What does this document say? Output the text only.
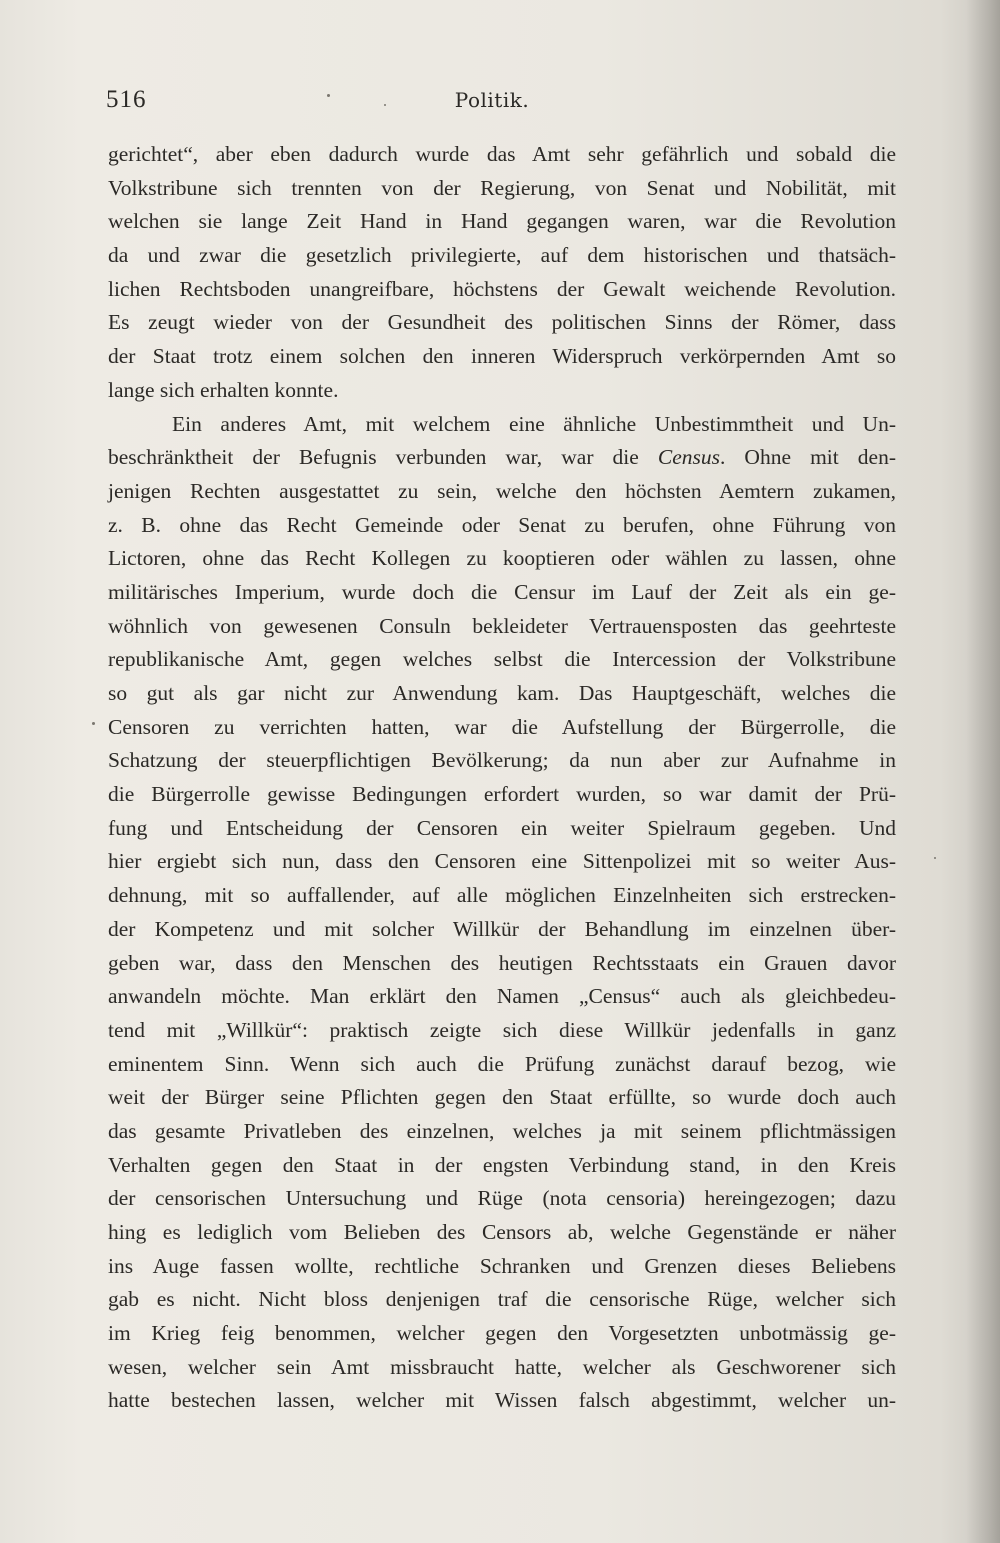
516	Politik.
gerichtet“, aber eben dadurch wurde das Amt sehr gefährlich und sobald die
Volkstribune sich trennten von der Regierung, von Senat und Nobilität, mit
welchen sie lange Zeit Hand in Hand gegangen waren, war die Revolution
da und zwar die gesetzlich privilegierte, auf dem historischen und thatsäch-
lichen Rechtsboden unangreifbare, höchstens der Gewalt weichende Revolution.
Es zeugt wieder von der Gesundheit des politischen Sinns der Römer, dass
der Staat trotz einem solchen den inneren Widerspruch verkörpernden Amt so
lange sich erhalten konnte.
Ein anderes Amt, mit welchem eine ähnliche Unbestimmtheit und Un-
beschränktheit der Befugnis verbunden war, war die Census. Ohne mit den-
jenigen Rechten ausgestattet zu sein, welche den höchsten Aemtern zukamen,
z. B. ohne das Recht Gemeinde oder Senat zu berufen, ohne Führung von
Lictoren, ohne das Recht Kollegen zu kooptieren oder wählen zu lassen, ohne
militärisches Imperium, wurde doch die Censur im Lauf der Zeit als ein ge-
wöhnlich von gewesenen Consuln bekleideter Vertrauensposten das geehrteste
republikanische Amt, gegen welches selbst die Intercession der Volkstribune
so gut als gar nicht zur Anwendung kam. Das Hauptgeschäft, welches die
Censoren zu verrichten hatten, war die Aufstellung der Bürgerrolle, die
Schatzung der steuerpflichtigen Bevölkerung; da nun aber zur Aufnahme in
die Bürgerrolle gewisse Bedingungen erfordert wurden, so war damit der Prü-
fung und Entscheidung der Censoren ein weiter Spielraum gegeben. Und
hier ergiebt sich nun, dass den Censoren eine Sittenpolizei mit so weiter Aus-
dehnung, mit so auffallender, auf alle möglichen Einzelnheiten sich erstrecken-
der Kompetenz und mit solcher Willkür der Behandlung im einzelnen über-
geben war, dass den Menschen des heutigen Rechtsstaats ein Grauen davor
anwandeln möchte. Man erklärt den Namen „Census“ auch als gleichbedeu-
tend mit „Willkür“: praktisch zeigte sich diese Willkür jedenfalls in ganz
eminentem Sinn. Wenn sich auch die Prüfung zunächst darauf bezog, wie
weit der Bürger seine Pflichten gegen den Staat erfüllte, so wurde doch auch
das gesamte Privatleben des einzelnen, welches ja mit seinem pflichtmässigen
Verhalten gegen den Staat in der engsten Verbindung stand, in den Kreis
der censorischen Untersuchung und Rüge (nota censoria) hereingezogen; dazu
hing es lediglich vom Belieben des Censors ab, welche Gegenstände er näher
ins Auge fassen wollte, rechtliche Schranken und Grenzen dieses Beliebens
gab es nicht. Nicht bloss denjenigen traf die censorische Rüge, welcher sich
im Krieg feig benommen, welcher gegen den Vorgesetzten unbotmässig ge-
wesen, welcher sein Amt missbraucht hatte, welcher als Geschworener sich
hatte bestechen lassen, welcher mit Wissen falsch abgestimmt, welcher un-
